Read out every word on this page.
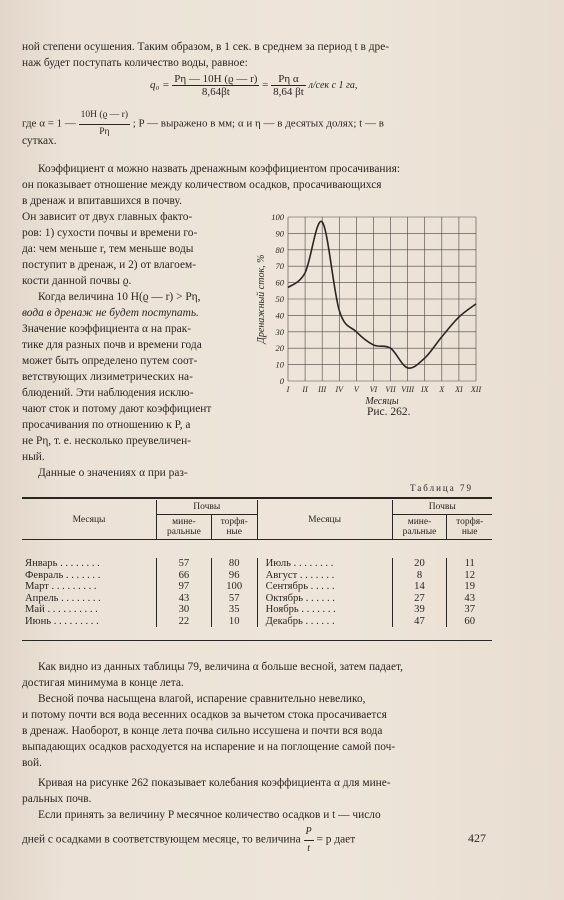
ной степени осушения. Таким образом, в 1 сек. в среднем за период t в дре-
наж будет поступать количество воды, равное:
$q_0 = \frac{P\eta — 10H (ϱ — r)}{8,64\beta t} = \frac{\text{Pη α}}{8,64 \beta t} л/сек$ с 1 га,
где α = 1 — $\frac{10H (ϱ — r)}{P\eta}$ ; P — выражено в мм; α и η — в десятых долях; t — в
сутках.
Коэффициент α можно назвать дренажным коэффициентом просачивания:
он показывает отношение между количеством осадков, просачивающихся
в дренаж и впитавшихся в почву.
Он зависит от двух главных факто-
ров: 1) сухости почвы и времени го-
да: чем меньше r, тем меньше воды
поступит в дренаж, и 2) от влагоем-
кости данной почвы ϱ.
Когда величина 10 H(ϱ — r) > Pη,
вода в дренаж не будет поступать.
Значение коэффициента α на прак-
тике для разных почв и времени года
может быть определено путем соот-
ветствующих лизиметрических на-
блюдений. Эти наблюдения исклю-
чают сток и потому дают коэффициент
просачивания по отношению к P, а
не Pη, т. е. несколько преувеличен-
ный.
0
10
20
30
40
50
60
70
80
90
100
I II III IV V VI VII VIII IX X XI XII
Дренажный сток, %
Месяцы
Рис. 262.
Данные о значениях α при раз-
Таблица 79
Месяцы	Почвы		Месяцы	Почвы	
	мине-
ральные	торфя-
ные		мине-
ральные	торфя-
ные

Январь . . . . . . . .	57	80	Июль . . . . . . . .	20	11
Февраль . . . . . . .	66	96	Август . . . . . . .	8	12
Март . . . . . . . . .	97	100	Сентябрь . . . . .	14	19
Апрель . . . . . . . .	43	57	Октябрь . . . . . .	27	43
Май . . . . . . . . . .	30	35	Ноябрь . . . . . . .	39	37
Июнь . . . . . . . . .	22	10	Декабрь . . . . . .	47	60

Как видно из данных таблицы 79, величина α больше весной, затем падает,
достигая минимума в конце лета.
Весной почва насыщена влагой, испарение сравнительно невелико,
и потому почти вся вода весенних осадков за вычетом стока просачивается
в дренаж. Наоборот, в конце лета почва сильно иссушена и почти вся вода
выпадающих осадков расходуется на испарение и на поглощение самой поч-
вой.
Кривая на рисунке 262 показывает колебания коэффициента α для мине-
ральных почв.
Если принять за величину P месячное количество осадков и t — число
дней с осадками в соответствующем месяце, то величина $\frac{P}{t} = p$ дает	427
